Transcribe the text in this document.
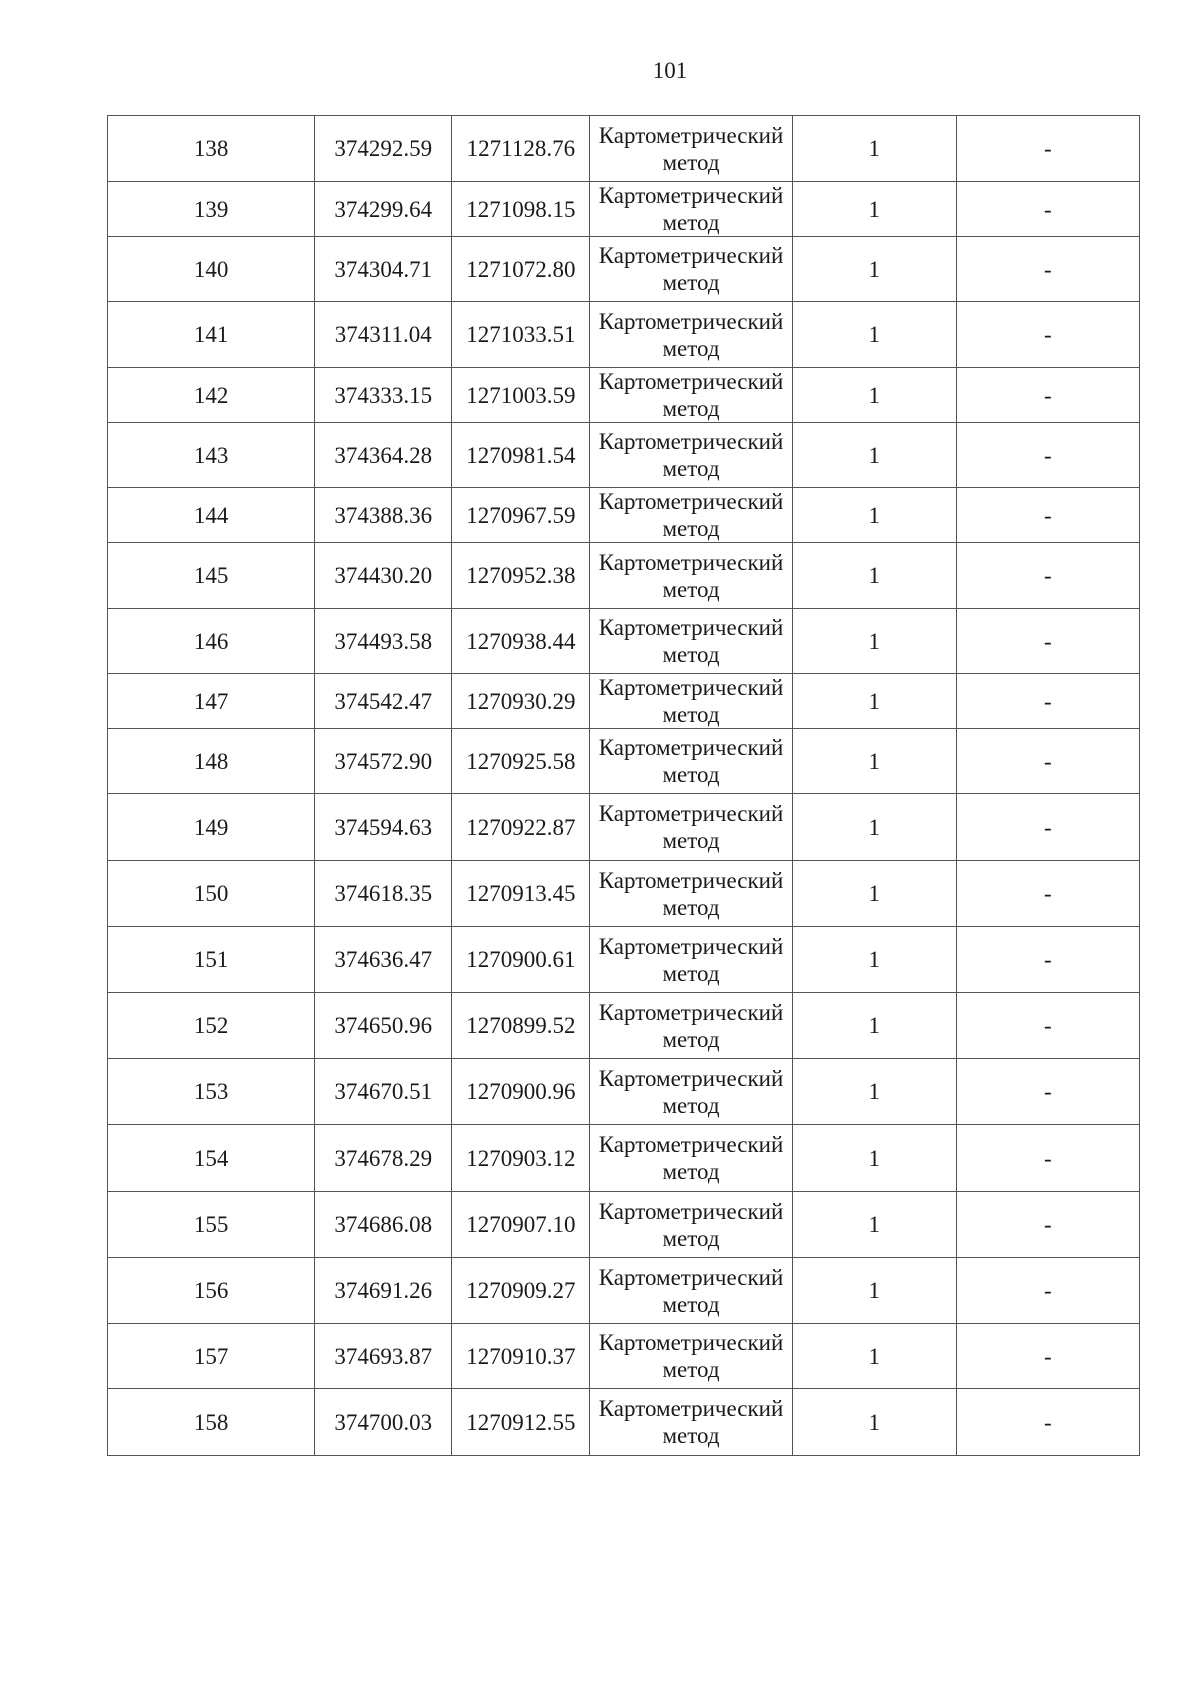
101
138	374292.59	1271128.76	Картометрический
метод	1	-
139	374299.64	1271098.15	Картометрический
метод	1	-
140	374304.71	1271072.80	Картометрический
метод	1	-
141	374311.04	1271033.51	Картометрический
метод	1	-
142	374333.15	1271003.59	Картометрический
метод	1	-
143	374364.28	1270981.54	Картометрический
метод	1	-
144	374388.36	1270967.59	Картометрический
метод	1	-
145	374430.20	1270952.38	Картометрический
метод	1	-
146	374493.58	1270938.44	Картометрический
метод	1	-
147	374542.47	1270930.29	Картометрический
метод	1	-
148	374572.90	1270925.58	Картометрический
метод	1	-
149	374594.63	1270922.87	Картометрический
метод	1	-
150	374618.35	1270913.45	Картометрический
метод	1	-
151	374636.47	1270900.61	Картометрический
метод	1	-
152	374650.96	1270899.52	Картометрический
метод	1	-
153	374670.51	1270900.96	Картометрический
метод	1	-
154	374678.29	1270903.12	Картометрический
метод	1	-
155	374686.08	1270907.10	Картометрический
метод	1	-
156	374691.26	1270909.27	Картометрический
метод	1	-
157	374693.87	1270910.37	Картометрический
метод	1	-
158	374700.03	1270912.55	Картометрический
метод	1	-
